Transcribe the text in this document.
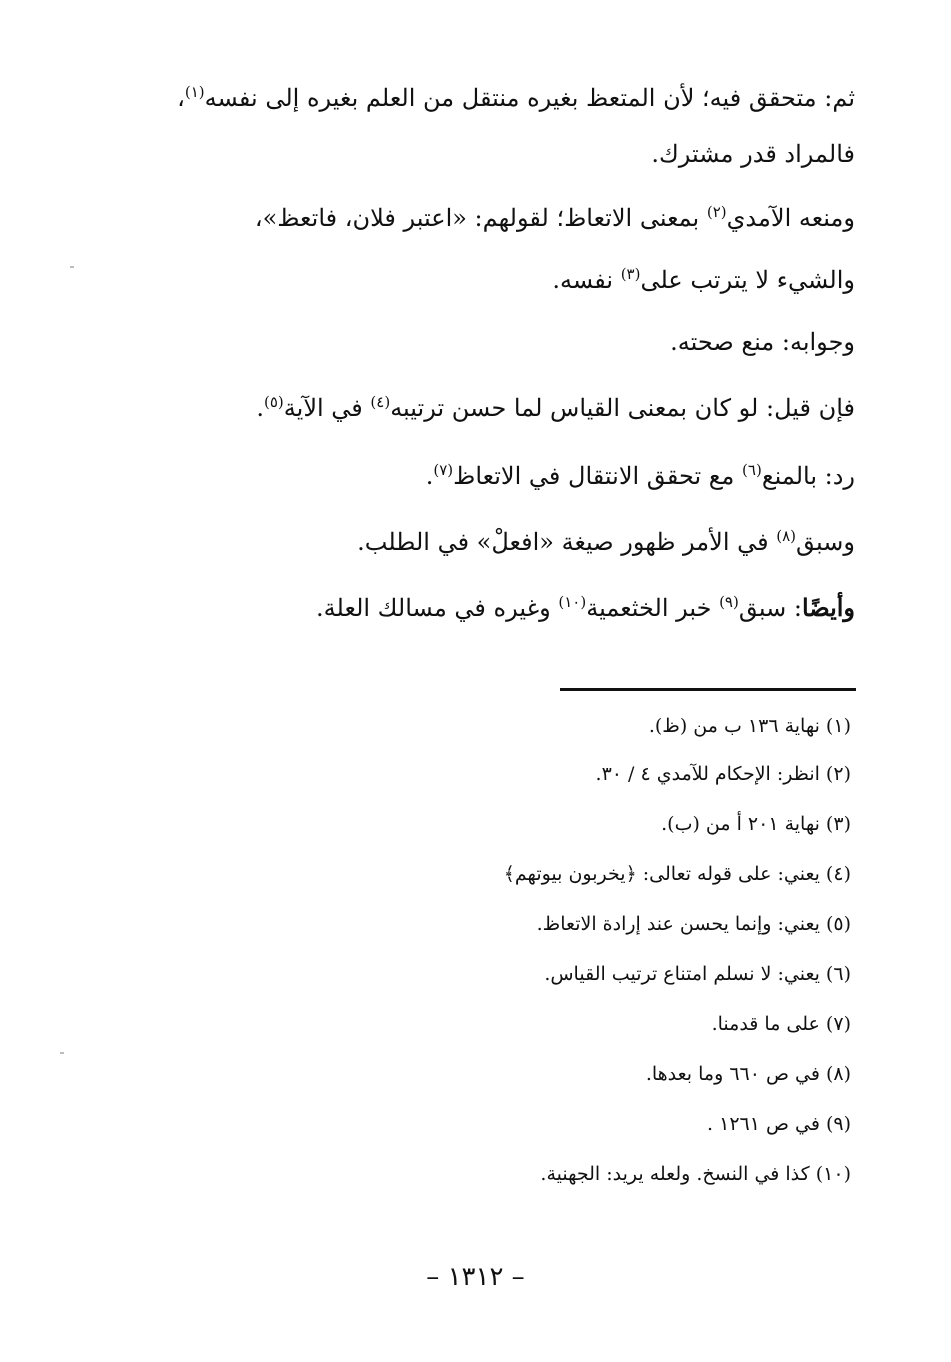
ثم: متحقق فيه؛ لأن المتعظ بغيره منتقل من العلم بغيره إلى نفسه$^{(١)}$،
فالمراد قدر مشترك.
ومنعه الآمدي$^{(٢)}$ بمعنى الاتعاظ؛ لقولهم: «اعتبر فلان، فاتعظ»،
والشيء لا يترتب على$^{(٣)}$ نفسه.
وجوابه: منع صحته.
فإن قيل: لو كان بمعنى القياس لما حسن ترتيبه$^{(٤)}$ في الآية$^{(٥)}$.
رد: بالمنع$^{(٦)}$ مع تحقق الانتقال في الاتعاظ$^{(٧)}$.
وسبق$^{(٨)}$ في الأمر ظهور صيغة «افعلْ» في الطلب.
وأيضًا: سبق$^{(٩)}$ خبر الخثعمية$^{(١٠)}$ وغيره في مسالك العلة.
(١) نهاية ١٣٦ ب من (ظ).
(٢) انظر: الإحكام للآمدي ٤ / ٣٠.
(٣) نهاية ٢٠١ أ من (ب).
(٤) يعني: على قوله تعالى: ﴿يخربون بيوتهم﴾
(٥) يعني: وإنما يحسن عند إرادة الاتعاظ.
(٦) يعني: لا نسلم امتناع ترتيب القياس.
(٧) على ما قدمنا.
(٨) في ص ٦٦٠ وما بعدها.
(٩) في ص ١٢٦١ .
(١٠) كذا في النسخ. ولعله يريد: الجهنية.
– ١٣١٢ –
